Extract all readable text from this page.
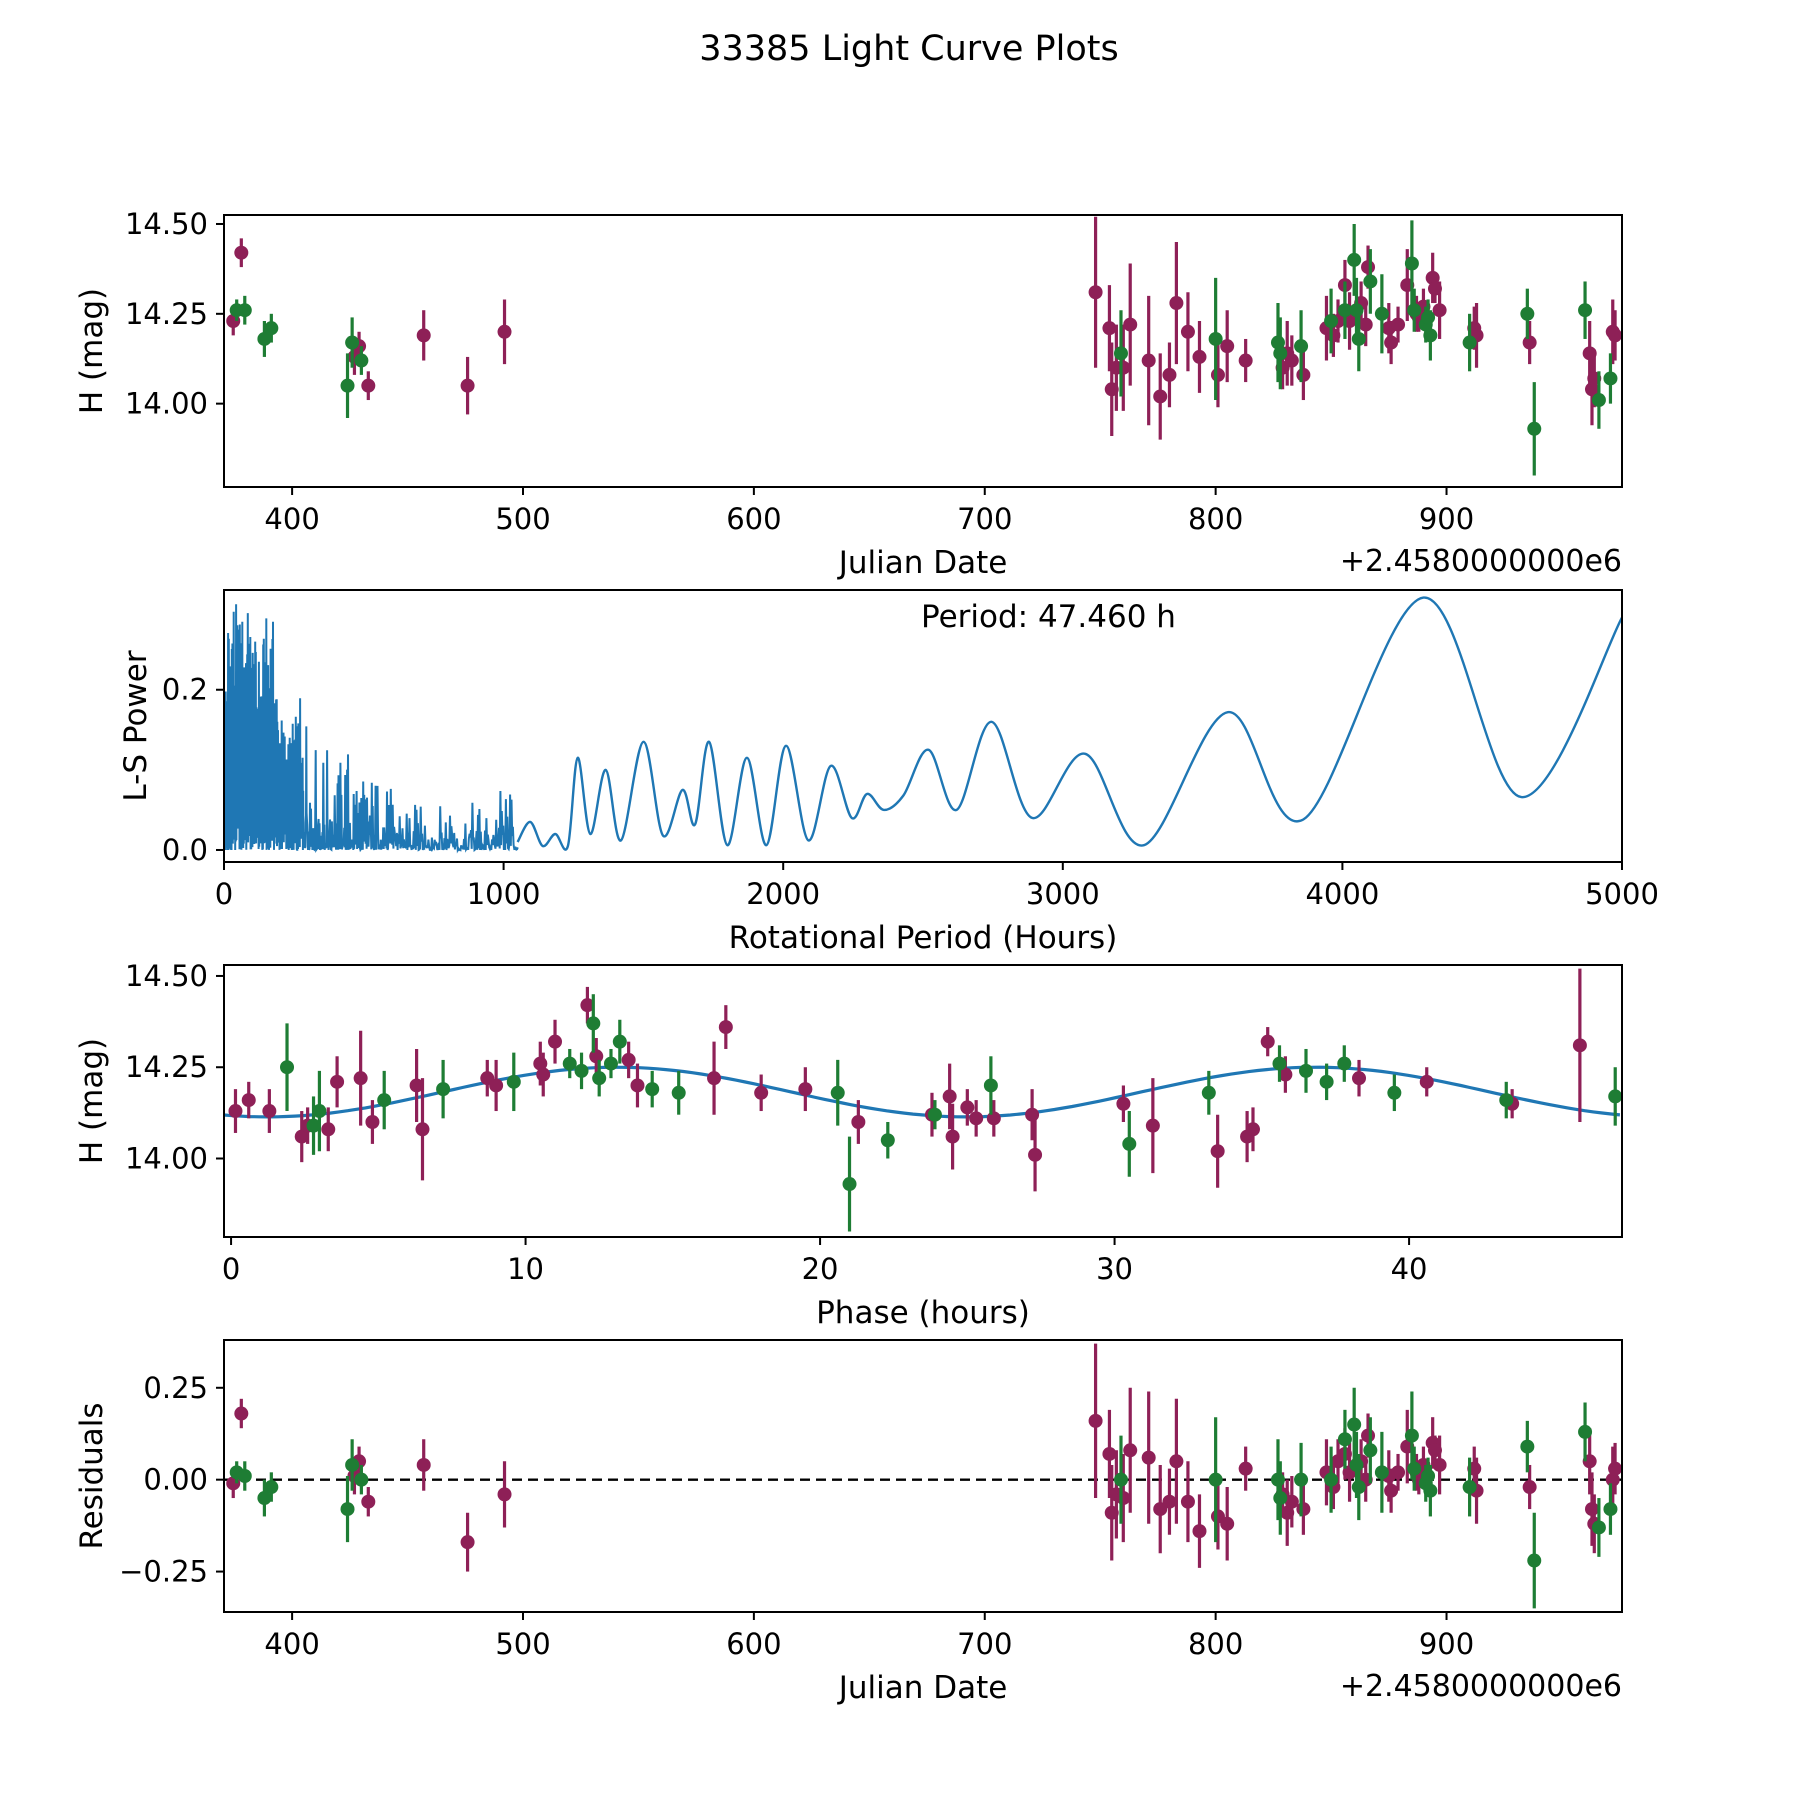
400	500	600	700	800	900
14.00
14.25
14.50
0	1000	2000	3000	4000	5000
0.0
0.2
0	10	20	30	40
14.00
14.25
14.50
400	500	600	700	800	900
−0.25
0.00
0.25
33385 Light Curve Plots
Julian Date	+2.4580000000e6
H (mag)
Rotational Period (Hours)
L-S Power
Period: 47.460 h
Phase (hours)
H (mag)
Julian Date	+2.4580000000e6
Residuals
